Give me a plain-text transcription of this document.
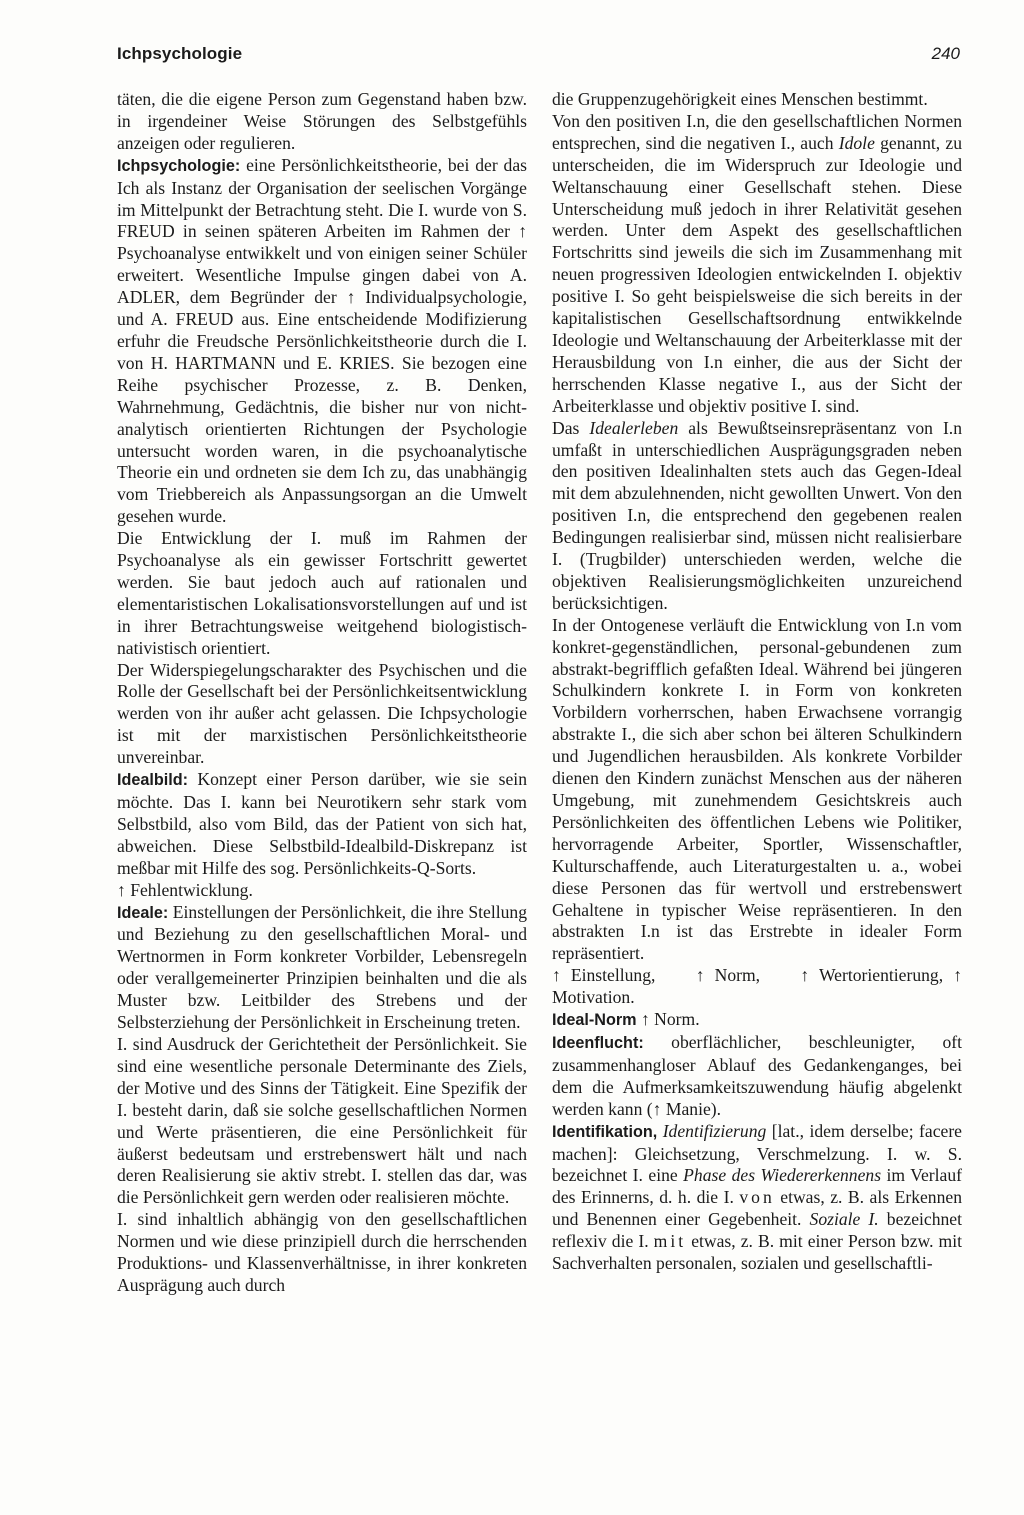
Ichpsychologie	240

täten, die die eigene Person zum Gegenstand haben bzw. in irgendeiner Weise Störungen des Selbstgefühls anzeigen oder regulieren.

Ichpsychologie: eine Persönlichkeitstheorie, bei der das Ich als Instanz der Organisation der seelischen Vorgänge im Mittelpunkt der Betrachtung steht. Die I. wurde von S. FREUD in seinen späteren Arbeiten im Rahmen der ↑ Psychoanalyse entwikkelt und von einigen seiner Schüler erweitert. Wesentliche Impulse gingen dabei von A. ADLER, dem Begründer der ↑ Individualpsychologie, und A. FREUD aus. Eine entscheidende Modifizierung erfuhr die Freudsche Persönlichkeitstheorie durch die I. von H. HARTMANN und E. KRIES. Sie bezogen eine Reihe psychischer Prozesse, z. B. Denken, Wahrnehmung, Gedächtnis, die bisher nur von nicht-analytisch orientierten Richtungen der Psychologie untersucht worden waren, in die psychoanalytische Theorie ein und ordneten sie dem Ich zu, das unabhängig vom Triebbereich als Anpassungsorgan an die Umwelt gesehen wurde.

Die Entwicklung der I. muß im Rahmen der Psychoanalyse als ein gewisser Fortschritt gewertet werden. Sie baut jedoch auch auf rationalen und elementaristischen Lokalisationsvorstellungen auf und ist in ihrer Betrachtungsweise weitgehend biologistisch-nativistisch orientiert.

Der Widerspiegelungscharakter des Psychischen und die Rolle der Gesellschaft bei der Persönlichkeitsentwicklung werden von ihr außer acht gelassen. Die Ichpsychologie ist mit der marxistischen Persönlichkeitstheorie unvereinbar.

Idealbild: Konzept einer Person darüber, wie sie sein möchte. Das I. kann bei Neurotikern sehr stark vom Selbstbild, also vom Bild, das der Patient von sich hat, abweichen. Diese Selbstbild-Idealbild-Diskrepanz ist meßbar mit Hilfe des sog. Persönlichkeits-Q-Sorts.

↑ Fehlentwicklung.

Ideale: Einstellungen der Persönlichkeit, die ihre Stellung und Beziehung zu den gesellschaftlichen Moral- und Wertnormen in Form konkreter Vorbilder, Lebensregeln oder verallgemeinerter Prinzipien beinhalten und die als Muster bzw. Leitbilder des Strebens und der Selbsterziehung der Persönlichkeit in Erscheinung treten.

I. sind Ausdruck der Gerichtetheit der Persönlichkeit. Sie sind eine wesentliche personale Determinante des Ziels, der Motive und des Sinns der Tätigkeit. Eine Spezifik der I. besteht darin, daß sie solche gesellschaftlichen Normen und Werte präsentieren, die eine Persönlichkeit für äußerst bedeutsam und erstrebenswert hält und nach deren Realisierung sie aktiv strebt. I. stellen das dar, was die Persönlichkeit gern werden oder realisieren möchte.

I. sind inhaltlich abhängig von den gesellschaftlichen Normen und wie diese prinzipiell durch die herrschenden Produktions- und Klassenverhältnisse, in ihrer konkreten Ausprägung auch durch

die Gruppenzugehörigkeit eines Menschen bestimmt.

Von den positiven I.n, die den gesellschaftlichen Normen entsprechen, sind die negativen I., auch Idole genannt, zu unterscheiden, die im Widerspruch zur Ideologie und Weltanschauung einer Gesellschaft stehen. Diese Unterscheidung muß jedoch in ihrer Relativität gesehen werden. Unter dem Aspekt des gesellschaftlichen Fortschritts sind jeweils die sich im Zusammenhang mit neuen progressiven Ideologien entwickelnden I. objektiv positive I. So geht beispielsweise die sich bereits in der kapitalistischen Gesellschaftsordnung entwikkelnde Ideologie und Weltanschauung der Arbeiterklasse mit der Herausbildung von I.n einher, die aus der Sicht der herrschenden Klasse negative I., aus der Sicht der Arbeiterklasse und objektiv positive I. sind.

Das Idealerleben als Bewußtseinsrepräsentanz von I.n umfaßt in unterschiedlichen Ausprägungsgraden neben den positiven Idealinhalten stets auch das Gegen-Ideal mit dem abzulehnenden, nicht gewollten Unwert. Von den positiven I.n, die entsprechend den gegebenen realen Bedingungen realisierbar sind, müssen nicht realisierbare I. (Trugbilder) unterschieden werden, welche die objektiven Realisierungsmöglichkeiten unzureichend berücksichtigen.

In der Ontogenese verläuft die Entwicklung von I.n vom konkret-gegenständlichen, personal-gebundenen zum abstrakt-begrifflich gefaßten Ideal. Während bei jüngeren Schulkindern konkrete I. in Form von konkreten Vorbildern vorherrschen, haben Erwachsene vorrangig abstrakte I., die sich aber schon bei älteren Schulkindern und Jugendlichen herausbilden. Als konkrete Vorbilder dienen den Kindern zunächst Menschen aus der näheren Umgebung, mit zunehmendem Gesichtskreis auch Persönlichkeiten des öffentlichen Lebens wie Politiker, hervorragende Arbeiter, Sportler, Wissenschaftler, Kulturschaffende, auch Literaturgestalten u. a., wobei diese Personen das für wertvoll und erstrebenswert Gehaltene in typischer Weise repräsentieren. In den abstrakten I.n ist das Erstrebte in idealer Form repräsentiert.

↑ Einstellung,    ↑ Norm,    ↑ Wertorientierung, ↑ Motivation.

Ideal-Norm ↑ Norm.

Ideenflucht: oberflächlicher, beschleunigter, oft zusammenhangloser Ablauf des Gedankenganges, bei dem die Aufmerksamkeitszuwendung häufig abgelenkt werden kann (↑ Manie).

Identifikation, Identifizierung [lat., idem derselbe; facere machen]: Gleichsetzung, Verschmelzung. I. w. S. bezeichnet I. eine Phase des Wiedererkennens im Verlauf des Erinnerns, d. h. die I. von etwas, z. B. als Erkennen und Benennen einer Gegebenheit. Soziale I. bezeichnet reflexiv die I. mit etwas, z. B. mit einer Person bzw. mit Sachverhalten personalen, sozialen und gesellschaftli-
